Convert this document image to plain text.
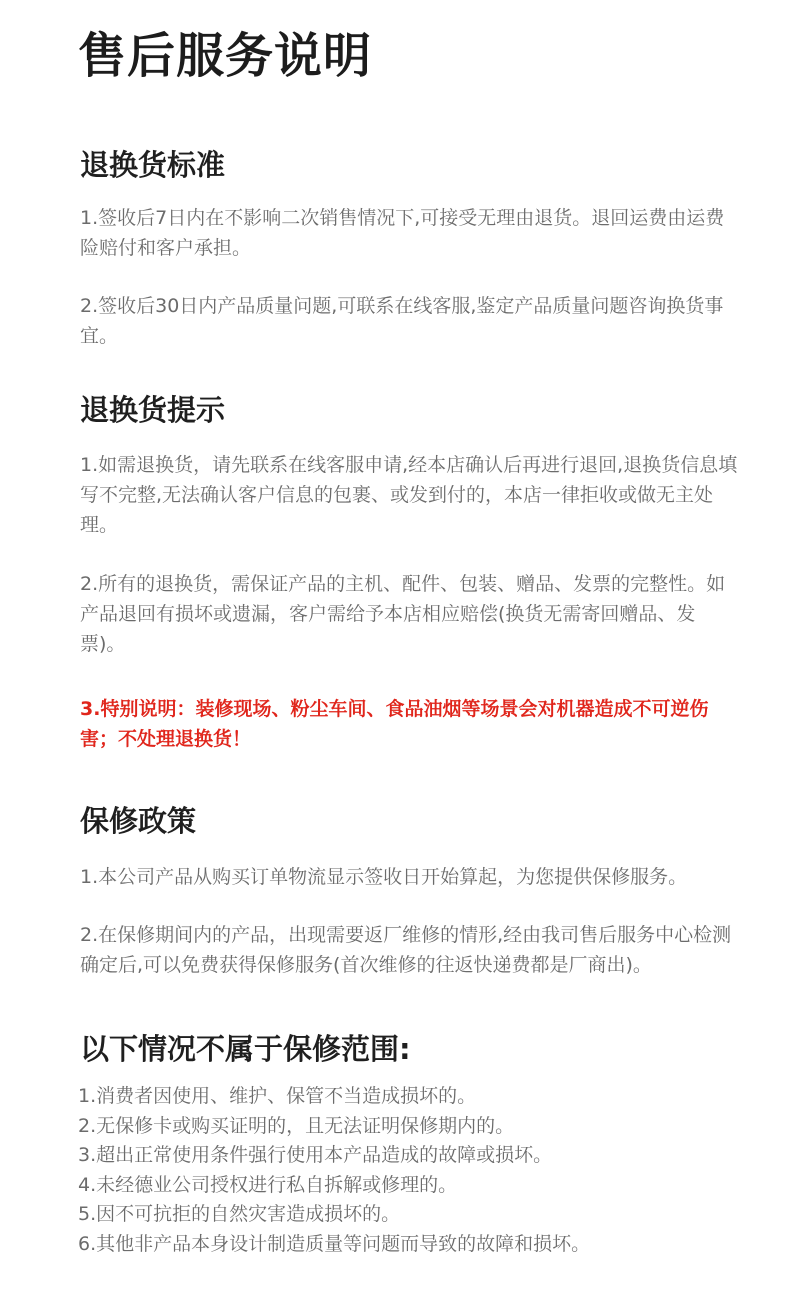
售后服务说明
退换货标准

1.签收后7日内在不影响二次销售情况下,可接受无理由退货。退回运费由运费险赔付和客户承担。

2.签收后30日内产品质量问题,可联系在线客服,鉴定产品质量问题咨询换货事宜。

退换货提示

1.如需退换货，请先联系在线客服申请,经本店确认后再进行退回,退换货信息填写不完整,无法确认客户信息的包裹、或发到付的，本店一律拒收或做无主处理。

2.所有的退换货，需保证产品的主机、配件、包装、赠品、发票的完整性。如产品退回有损坏或遗漏，客户需给予本店相应赔偿(换货无需寄回赠品、发票)。

3.特别说明：装修现场、粉尘车间、食品油烟等场景会对机器造成不可逆伤害；不处理退换货！

保修政策

1.本公司产品从购买订单物流显示签收日开始算起，为您提供保修服务。

2.在保修期间内的产品，出现需要返厂维修的情形,经由我司售后服务中心检测确定后,可以免费获得保修服务(首次维修的往返快递费都是厂商出)。

以下情况不属于保修范围:
1.消费者因使用、维护、保管不当造成损坏的。
2.无保修卡或购买证明的，且无法证明保修期内的。
3.超出正常使用条件强行使用本产品造成的故障或损坏。
4.未经德业公司授权进行私自拆解或修理的。
5.因不可抗拒的自然灾害造成损坏的。
6.其他非产品本身设计制造质量等问题而导致的故障和损坏。
